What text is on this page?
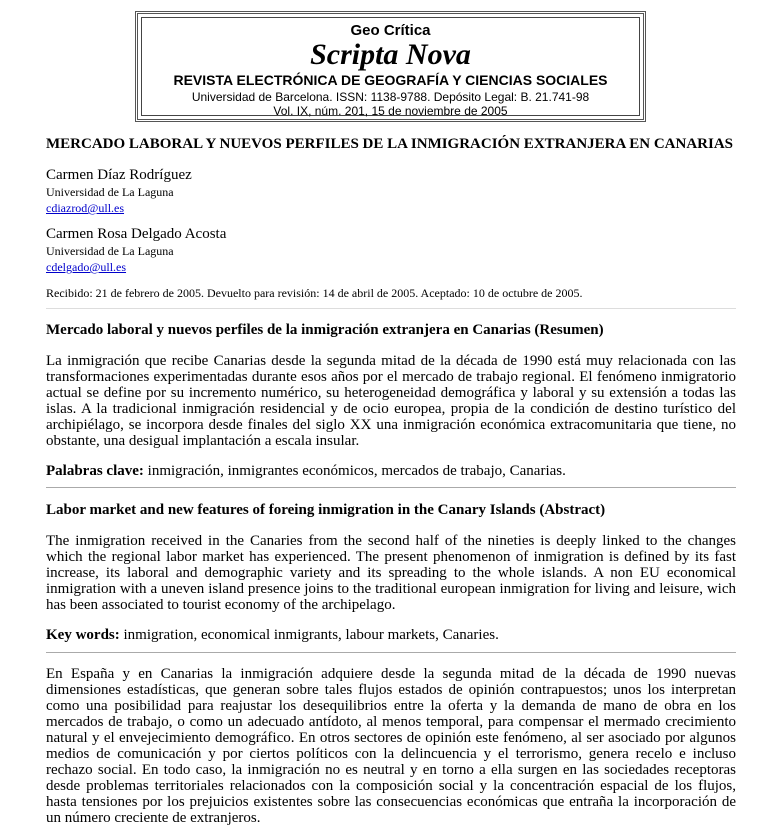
Geo Crítica
Scripta Nova
REVISTA ELECTRÓNICA DE GEOGRAFÍA Y CIENCIAS SOCIALES
Universidad de Barcelona. ISSN: 1138-9788. Depósito Legal: B. 21.741-98
Vol. IX, núm. 201, 15 de noviembre de 2005
MERCADO LABORAL Y NUEVOS PERFILES DE LA INMIGRACIÓN EXTRANJERA EN CANARIAS
Carmen Díaz Rodríguez
Universidad de La Laguna
cdiazrod@ull.es
Carmen Rosa Delgado Acosta
Universidad de La Laguna
cdelgado@ull.es
Recibido: 21 de febrero de 2005. Devuelto para revisión: 14 de abril de 2005. Aceptado: 10 de octubre de 2005.
Mercado laboral y nuevos perfiles de la inmigración extranjera en Canarias (Resumen)
La inmigración que recibe Canarias desde la segunda mitad de la década de 1990 está muy relacionada con las transformaciones experimentadas durante esos años por el mercado de trabajo regional. El fenómeno inmigratorio actual se define por su incremento numérico, su heterogeneidad demográfica y laboral y su extensión a todas las islas. A la tradicional inmigración residencial y de ocio europea, propia de la condición de destino turístico del archipiélago, se incorpora desde finales del siglo XX una inmigración económica extracomunitaria que tiene, no obstante, una desigual implantación a escala insular.
Palabras clave: inmigración, inmigrantes económicos, mercados de trabajo, Canarias.
Labor market and new features of foreing inmigration in the Canary Islands (Abstract)
The inmigration received in the Canaries from the second half of the nineties is deeply linked to the changes which the regional labor market has experienced. The present phenomenon of inmigration is defined by its fast increase, its laboral and demographic variety and its spreading to the whole islands. A non EU economical inmigration with a uneven island presence joins to the traditional european inmigration for living and leisure, wich has been associated to tourist economy of the archipelago.
Key words: inmigration, economical inmigrants, labour markets, Canaries.
En España y en Canarias la inmigración adquiere desde la segunda mitad de la década de 1990 nuevas dimensiones estadísticas, que generan sobre tales flujos estados de opinión contrapuestos; unos los interpretan como una posibilidad para reajustar los desequilibrios entre la oferta y la demanda de mano de obra en los mercados de trabajo, o como un adecuado antídoto, al menos temporal, para compensar el mermado crecimiento natural y el envejecimiento demográfico. En otros sectores de opinión este fenómeno, al ser asociado por algunos medios de comunicación y por ciertos políticos con la delincuencia y el terrorismo, genera recelo e incluso rechazo social. En todo caso, la inmigración no es neutral y en torno a ella surgen en las sociedades receptoras desde problemas territoriales relacionados con la composición social y la concentración espacial de los flujos, hasta tensiones por los prejuicios existentes sobre las consecuencias económicas que entraña la incorporación de un número creciente de extranjeros.
